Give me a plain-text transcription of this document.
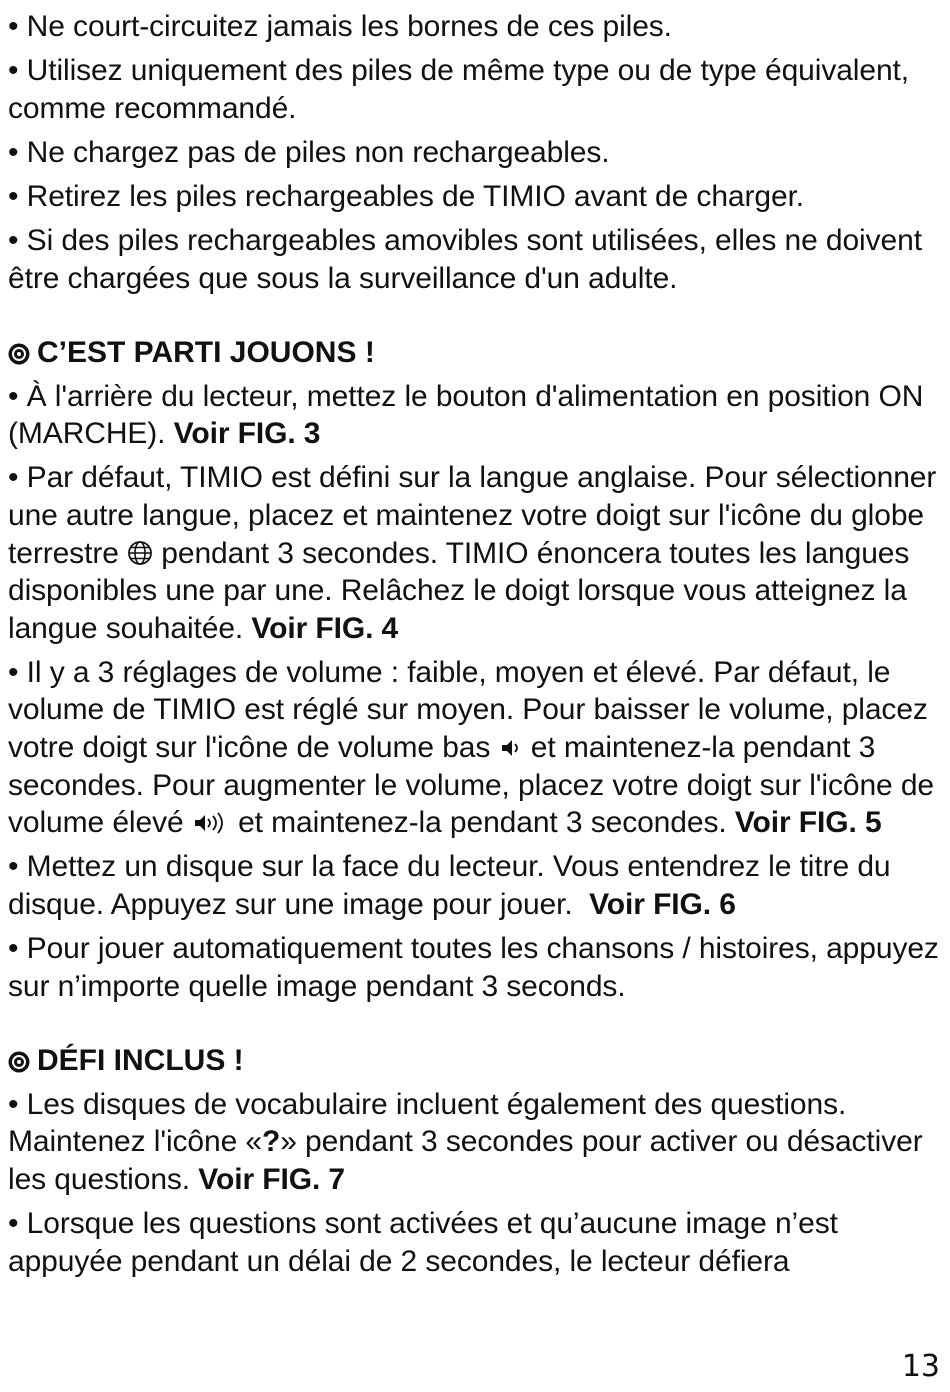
• Ne court-circuitez jamais les bornes de ces piles.

• Utilisez uniquement des piles de même type ou de type équivalent, comme recommandé.

• Ne chargez pas de piles non rechargeables.

• Retirez les piles rechargeables de TIMIO avant de charger.

• Si des piles rechargeables amovibles sont utilisées, elles ne doivent être chargées que sous la surveillance d'un adulte.

C’EST PARTI JOUONS !

• À l'arrière du lecteur, mettez le bouton d'alimentation en position ON (MARCHE). Voir FIG. 3

• Par défaut, TIMIO est défini sur la langue anglaise. Pour sélectionner une autre langue, placez et maintenez votre doigt sur l'icône du globe terrestre pendant 3 secondes. TIMIO énoncera toutes les langues disponibles une par une. Relâchez le doigt lorsque vous atteignez la langue souhaitée. Voir FIG. 4

• Il y a 3 réglages de volume : faible, moyen et élevé. Par défaut, le volume de TIMIO est réglé sur moyen. Pour baisser le volume, placez votre doigt sur l'icône de volume bas et maintenez-la pendant 3 secondes. Pour augmenter le volume, placez votre doigt sur l'icône de volume élevé et maintenez-la pendant 3 secondes. Voir FIG. 5

• Mettez un disque sur la face du lecteur. Vous entendrez le titre du disque. Appuyez sur une image pour jouer. Voir FIG. 6

• Pour jouer automatiquement toutes les chansons / histoires, appuyez sur n’importe quelle image pendant 3 seconds.

DÉFI INCLUS !

• Les disques de vocabulaire incluent également des questions. Maintenez l'icône «?» pendant 3 secondes pour activer ou désactiver les questions. Voir FIG. 7

• Lorsque les questions sont activées et qu’aucune image n’est appuyée pendant un délai de 2 secondes, le lecteur défiera

13
